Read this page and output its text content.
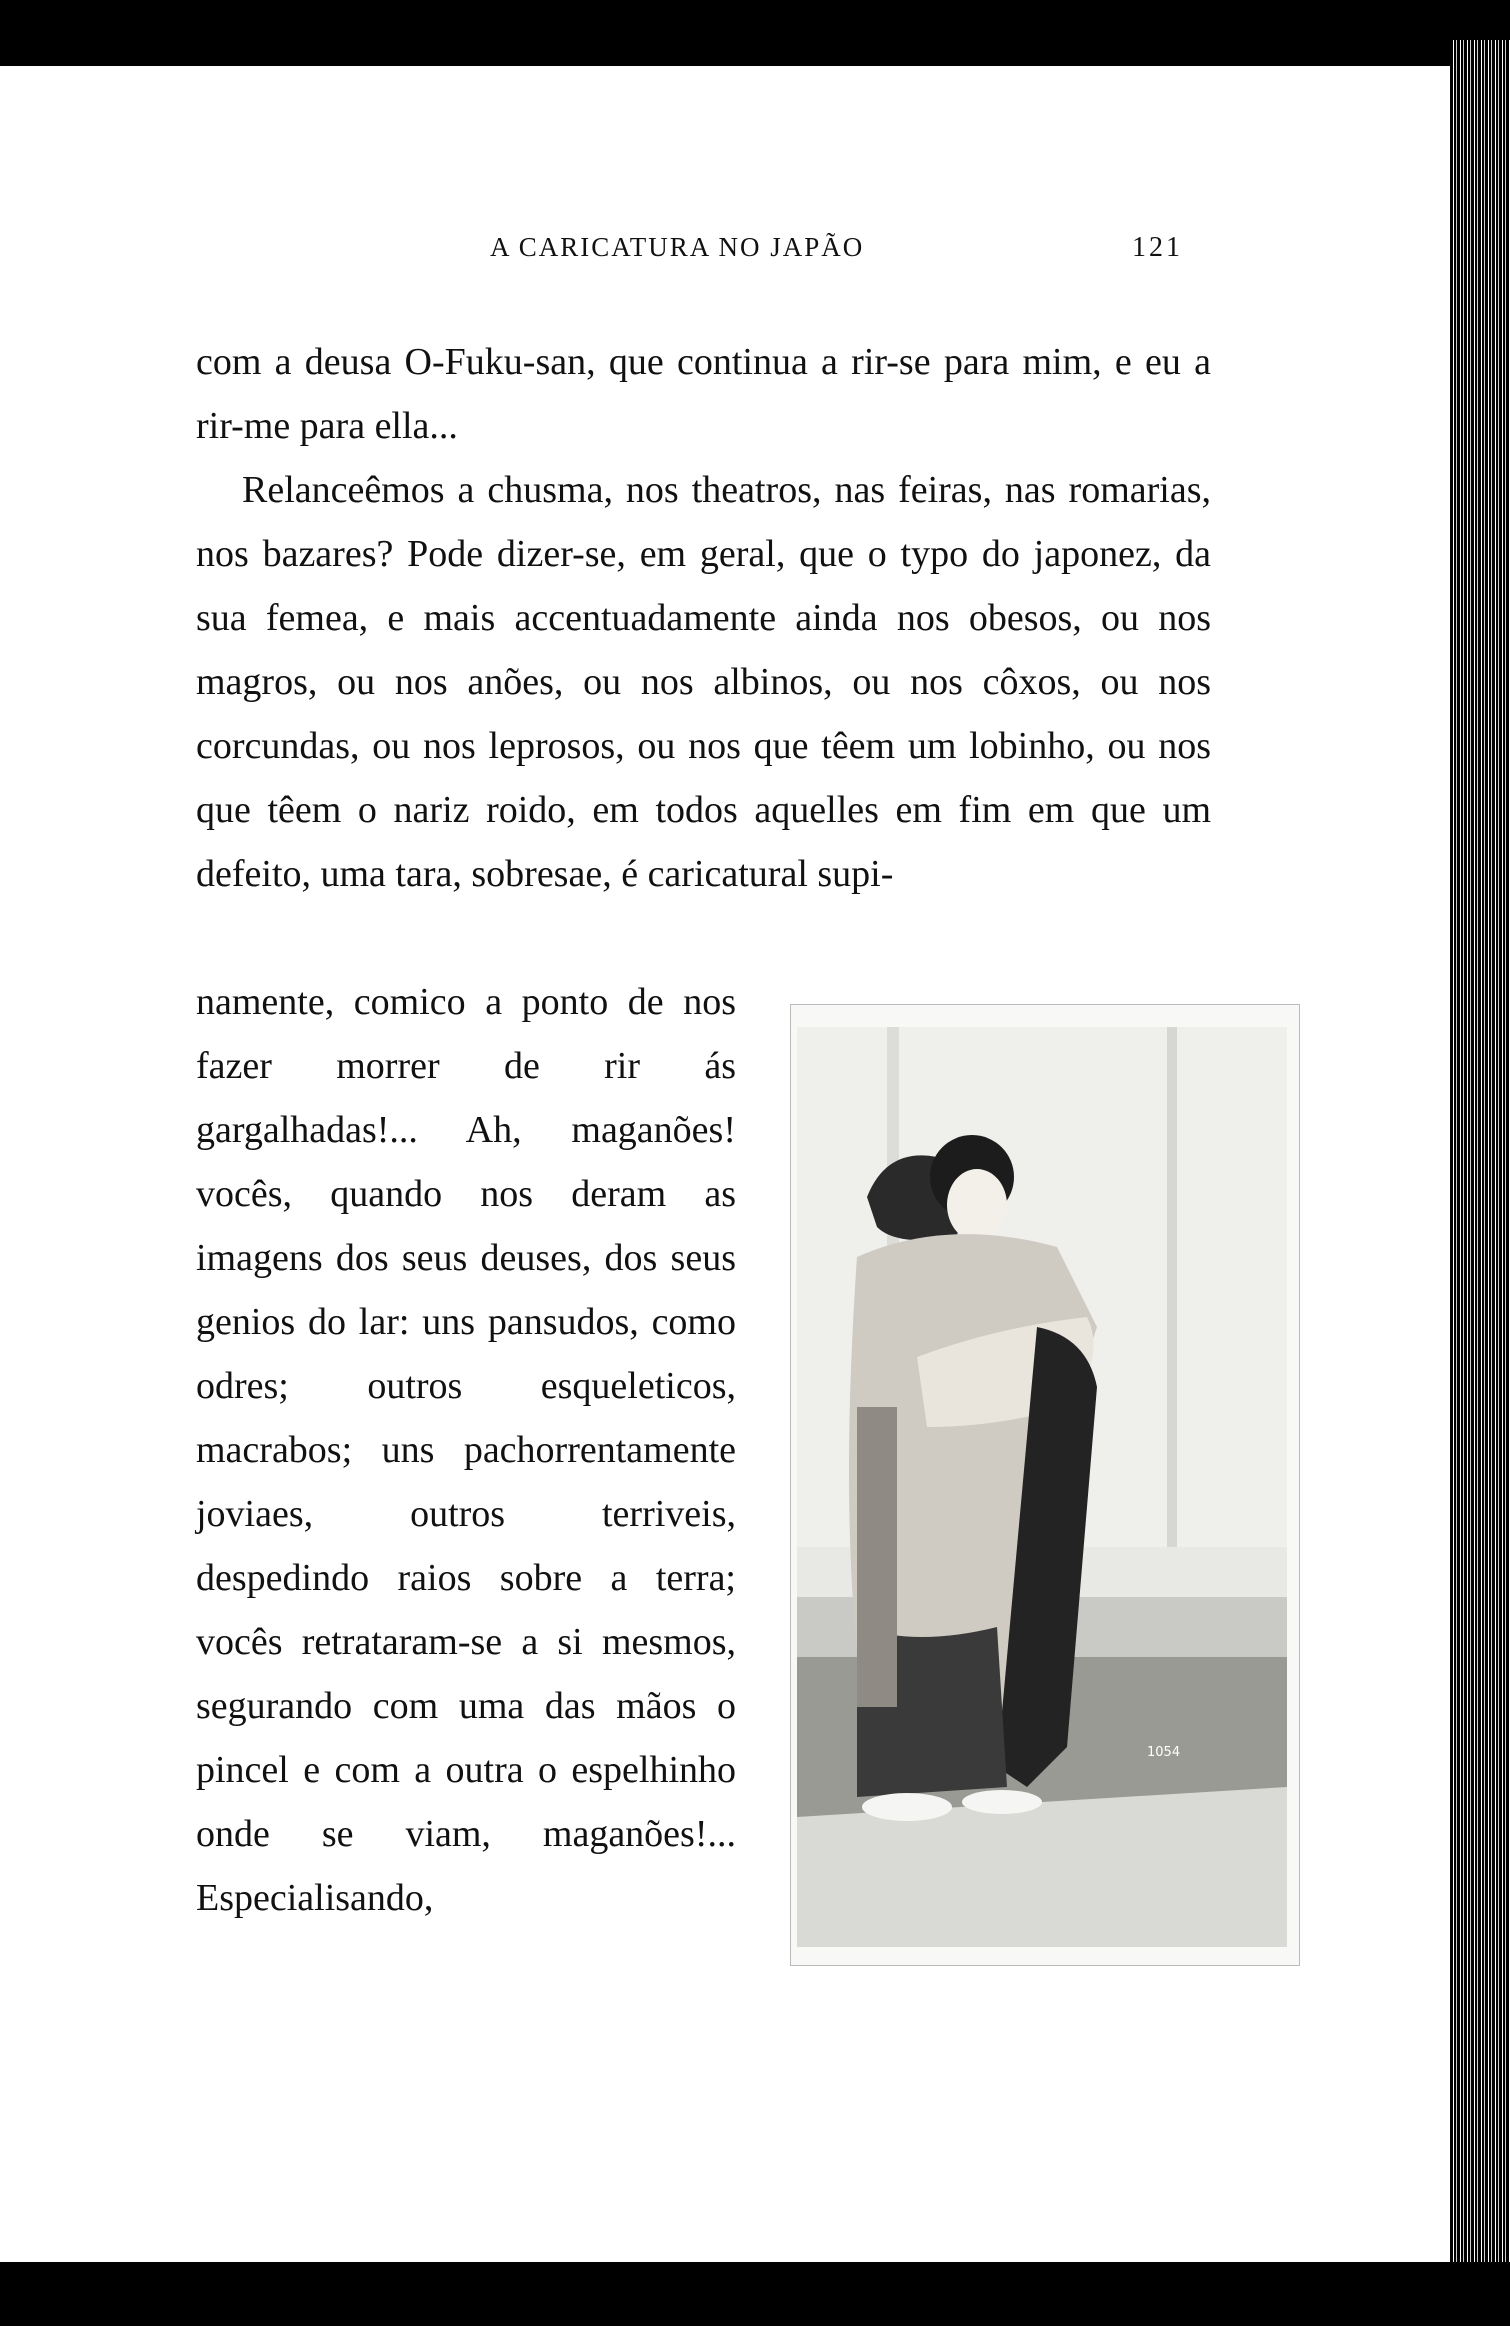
A CARICATURA NO JAPÃO	121

com a deusa O-Fuku-san, que continua a rir-se para mim, e eu a rir-me para ella...

Relanceêmos a chusma, nos theatros, nas feiras, nas romarias, nos bazares? Pode dizer-se, em geral, que o typo do japonez, da sua femea, e mais accentuadamente ainda nos obesos, ou nos magros, ou nos anões, ou nos albinos, ou nos côxos, ou nos corcundas, ou nos leprosos, ou nos que têem um lobinho, ou nos que têem o nariz roido, em todos aquelles em fim em que um defeito, uma tara, sobresae, é caricatural supi-

namente, comico a ponto de nos fazer morrer de rir ás gargalhadas!... Ah, maganões! vocês, quando nos deram as imagens dos seus deuses, dos seus genios do lar: uns pansudos, como odres; outros esqueleticos, macrabos; uns pachorrentamente joviaes, outros terriveis, despedindo raios sobre a terra; vocês retrataram-se a si mesmos, segurando com uma das mãos o pincel e com a outra o espelhinho onde se viam, maganões!... Especialisando,

1054
